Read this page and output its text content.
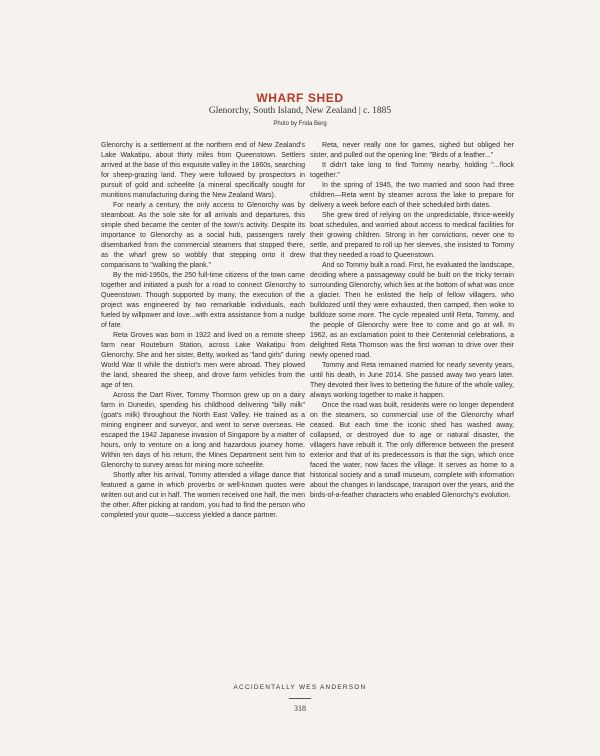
WHARF SHED
Glenorchy, South Island, New Zealand | c. 1885
Photo by Frida Berg

Glenorchy is a settlement at the northern end of New Zealand's Lake Wakatipu, about thirty miles from Queenstown. Settlers arrived at the base of this exquisite valley in the 1860s, searching for sheep-grazing land. They were followed by prospectors in pursuit of gold and scheelite (a mineral specifically sought for munitions manufacturing during the New Zealand Wars).

For nearly a century, the only access to Glenorchy was by steamboat. As the sole site for all arrivals and departures, this simple shed became the center of the town's activity. Despite its importance to Glenorchy as a social hub, passengers rarely disembarked from the commercial steamers that stopped there, as the wharf grew so wobbly that stepping onto it drew comparisons to "walking the plank."

By the mid-1950s, the 250 full-time citizens of the town came together and initiated a push for a road to connect Glenorchy to Queenstown. Though supported by many, the execution of the project was engineered by two remarkable individuals, each fueled by willpower and love...with extra assistance from a nudge of fate.

Reta Groves was born in 1922 and lived on a remote sheep farm near Routeburn Station, across Lake Wakatipu from Glenorchy. She and her sister, Betty, worked as "land girls" during World War II while the district's men were abroad. They plowed the land, sheared the sheep, and drove farm vehicles from the age of ten.

Across the Dart River, Tommy Thomson grew up on a dairy farm in Dunedin, spending his childhood delivering "billy milk" (goat's milk) throughout the North East Valley. He trained as a mining engineer and surveyor, and went to serve overseas. He escaped the 1942 Japanese invasion of Singapore by a matter of hours, only to venture on a long and hazardous journey home. Within ten days of his return, the Mines Department sent him to Glenorchy to survey areas for mining more scheelite.

Shortly after his arrival, Tommy attended a village dance that featured a game in which proverbs or well-known quotes were written out and cut in half. The women received one half, the men the other. After picking at random, you had to find the person who completed your quote—success yielded a dance partner.

Reta, never really one for games, sighed but obliged her sister, and pulled out the opening line: "Birds of a feather..."

It didn't take long to find Tommy nearby, holding "...flock together."

In the spring of 1945, the two married and soon had three children—Reta went by steamer across the lake to prepare for delivery a week before each of their scheduled birth dates.

She grew tired of relying on the unpredictable, thrice-weekly boat schedules, and worried about access to medical facilities for their growing children. Strong in her convictions, never one to settle, and prepared to roll up her sleeves, she insisted to Tommy that they needed a road to Queenstown.

And so Tommy built a road. First, he evaluated the landscape, deciding where a passageway could be built on the tricky terrain surrounding Glenorchy, which lies at the bottom of what was once a glacier. Then he enlisted the help of fellow villagers, who bulldozed until they were exhausted, then camped, then woke to bulldoze some more. The cycle repeated until Reta, Tommy, and the people of Glenorchy were free to come and go at will. In 1962, as an exclamation point to their Centennial celebrations, a delighted Reta Thomson was the first woman to drive over their newly opened road.

Tommy and Reta remained married for nearly seventy years, until his death, in June 2014. She passed away two years later. They devoted their lives to bettering the future of the whole valley, always working together to make it happen.

Once the road was built, residents were no longer dependent on the steamers, so commercial use of the Glenorchy wharf ceased. But each time the iconic shed has washed away, collapsed, or destroyed due to age or natural disaster, the villagers have rebuilt it. The only difference between the present exterior and that of its predecessors is that the sign, which once faced the water, now faces the village. It serves as home to a historical society and a small museum, complete with information about the changes in landscape, transport over the years, and the birds-of-a-feather characters who enabled Glenorchy's evolution.

ACCIDENTALLY WES ANDERSON
318
